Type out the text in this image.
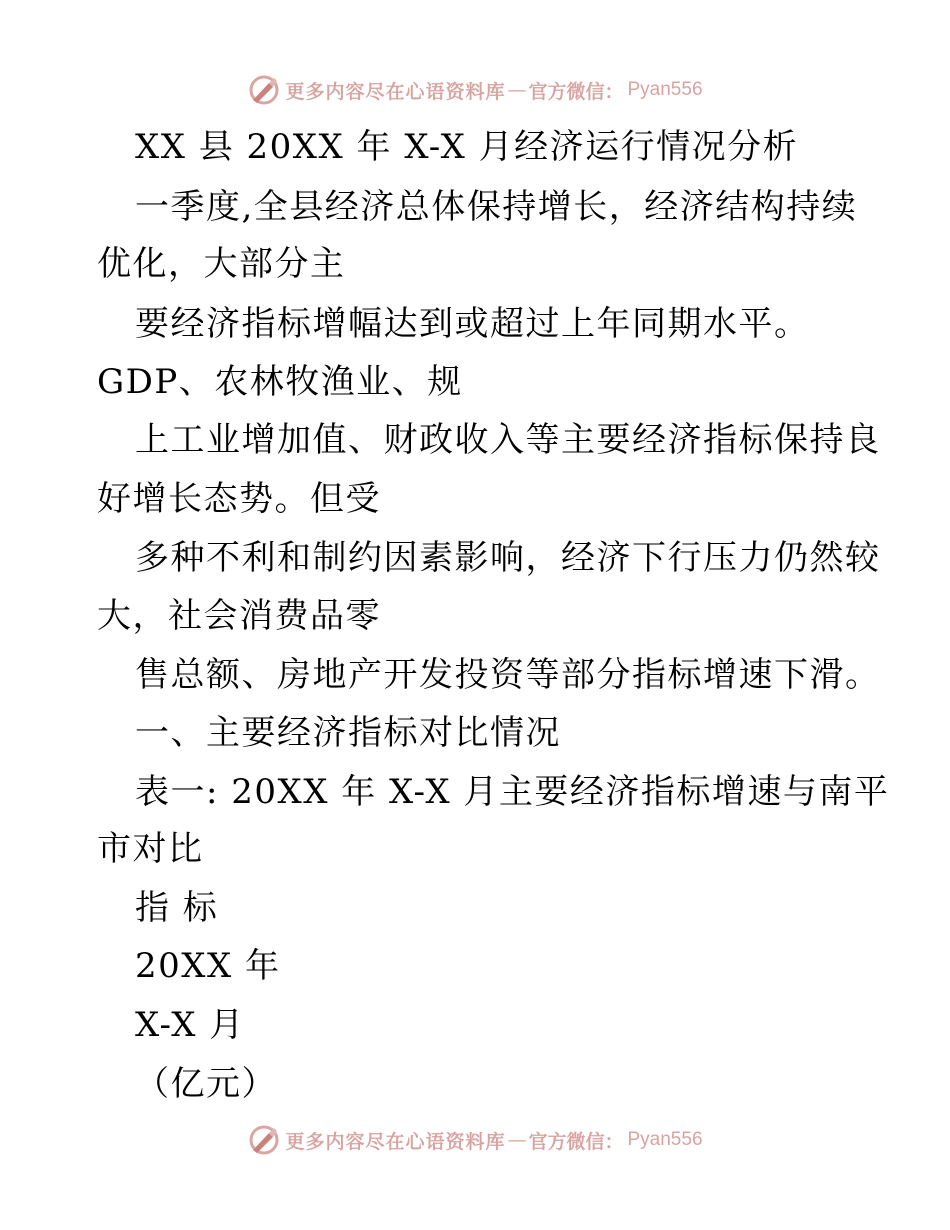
更多内容尽在心语资料库 — 官方微信： Pyan556
XX 县 20XX 年 X-X 月经济运行情况分析
一季度,全县经济总体保持增长，经济结构持续
优化，大部分主
要经济指标增幅达到或超过上年同期水平。
GDP、农林牧渔业、规
上工业增加值、财政收入等主要经济指标保持良
好增长态势。但受
多种不利和制约因素影响，经济下行压力仍然较
大，社会消费品零
售总额、房地产开发投资等部分指标增速下滑。
一、主要经济指标对比情况
表一: 20XX 年 X-X 月主要经济指标增速与南平
市对比
指 标
20XX 年
X-X 月
（亿元）
更多内容尽在心语资料库 — 官方微信： Pyan556
